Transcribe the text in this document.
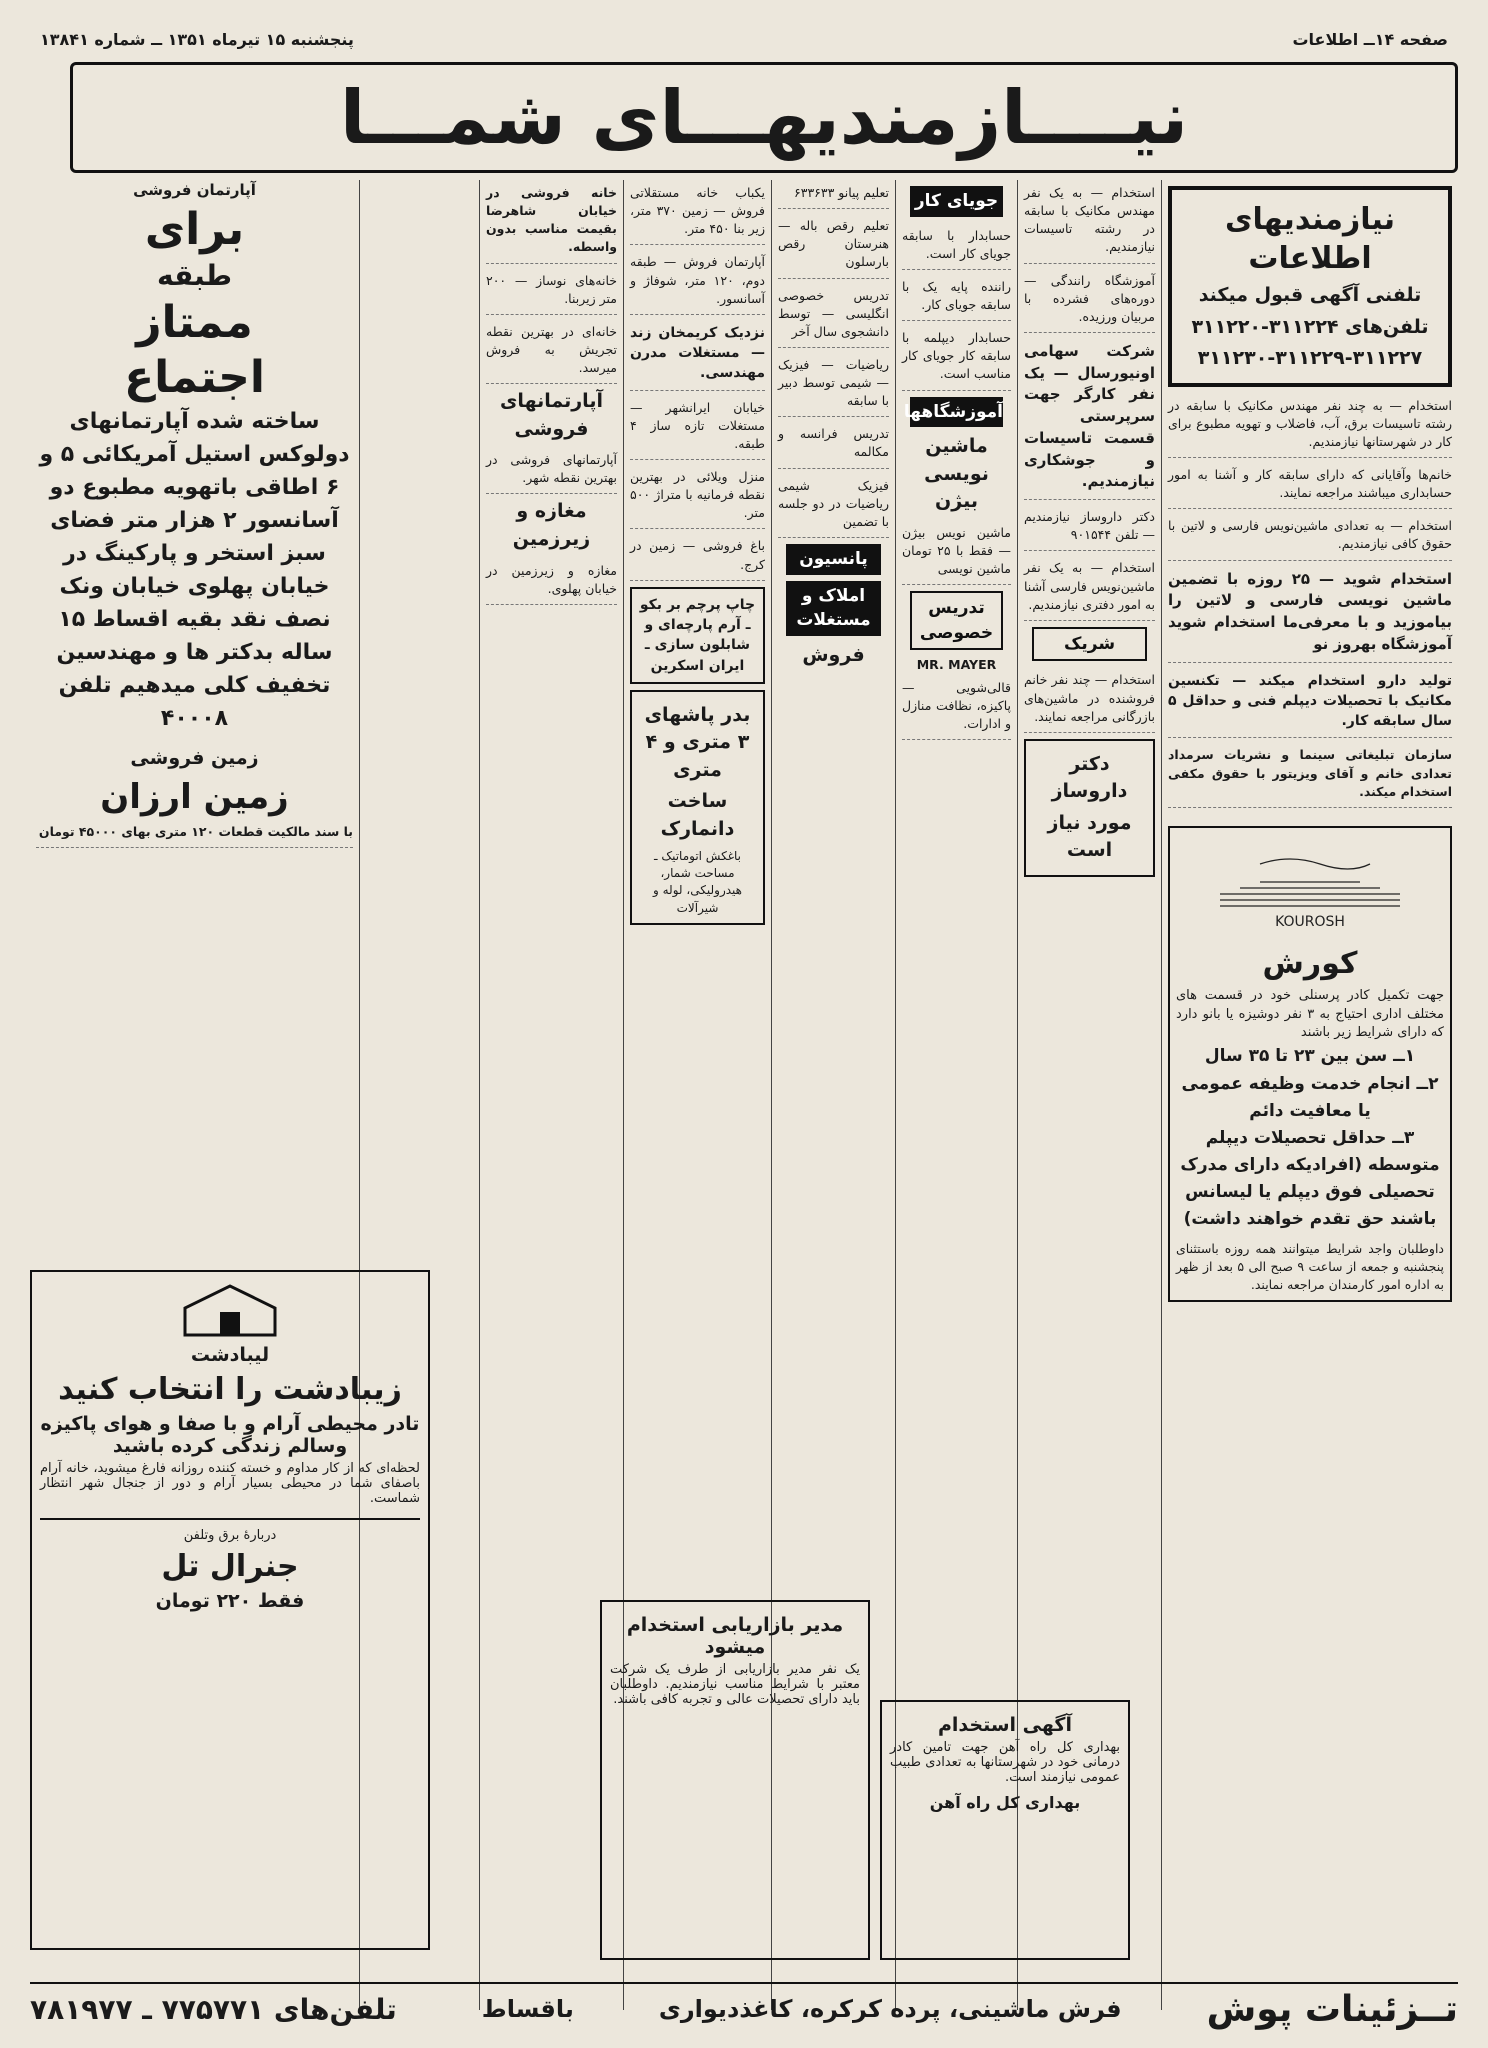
صفحه ۱۴ــ اطلاعات
پنجشنبه ۱۵ تیرماه ۱۳۵۱ ــ شماره ۱۳۸۴۱
نیــــازمندیهـــای شمـــا
نیازمندیهای اطلاعات
تلفنی آگهی قبول میکند
تلفن‌های ۳۱۱۲۲۴-۳۱۱۲۲۰
۳۱۱۲۳۰-۳۱۱۲۲۹-۳۱۱۲۲۷
استخدام — به چند نفر مهندس مکانیک با سابقه در رشته تاسیسات برق، آب، فاضلاب و تهویه مطبوع برای کار در شهرستانها نیازمندیم.
خانم‌ها وآقایانی که دارای سابقه کار و آشنا به امور حسابداری میباشند مراجعه نمایند.
استخدام — به تعدادی ماشین‌نویس فارسی و لاتین با حقوق کافی نیازمندیم.
استخدام شوید — ۲۵ روزه با تضمین ماشین نویسی فارسی و لاتین را بیاموزید و با معرفی‌ما استخدام شوید آموزشگاه بهروز نو
تولید دارو استخدام میکند — تکنسین مکانیک با تحصیلات دیپلم فنی و حداقل ۵ سال سابقه کار.
سازمان تبلیغاتی سینما و نشریات سرمداد تعدادی خانم و آقای ویزیتور با حقوق مکفی استخدام میکند.
KOUROSH
کورش
جهت تکمیل کادر پرسنلی خود در قسمت های مختلف اداری احتیاج به ۳ نفر دوشیزه یا بانو دارد که دارای شرایط زیر باشند
۱ــ سن بین ۲۳ تا ۳۵ سال
۲ــ انجام خدمت وظیفه عمومی یا معافیت دائم
۳ــ حداقل تحصیلات دیپلم متوسطه (افرادیکه دارای مدرک تحصیلی فوق دیپلم یا لیسانس باشند حق تقدم خواهند داشت)
داوطلبان واجد شرایط میتوانند همه روزه باستثنای پنجشنبه و جمعه از ساعت ۹ صبح الی ۵ بعد از ظهر به اداره امور کارمندان مراجعه نمایند.
استخدام — به یک نفر مهندس مکانیک با سابقه در رشته تاسیسات نیازمندیم.
آموزشگاه رانندگی — دوره‌های فشرده با مربیان ورزیده.
شرکت سهامی اونیورسال — یک نفر کارگر جهت سرپرستی قسمت تاسیسات و جوشکاری نیازمندیم.
دکتر داروساز نیازمندیم — تلفن ۹۰۱۵۴۴
استخدام — به یک نفر ماشین‌نویس فارسی آشنا به امور دفتری نیازمندیم.
شریک
استخدام — چند نفر خانم فروشنده در ماشین‌های بازرگانی مراجعه نمایند.
دکتر داروساز
مورد نیاز است
جویای کار
حسابدار با سابقه جویای کار است.
راننده پایه یک با سابقه جویای کار.
حسابدار دیپلمه با سابقه کار جویای کار مناسب است.
آموزشگاهها
ماشین نویسی بیژن
ماشین نویس بیژن — فقط با ۲۵ تومان ماشین نویسی
تدریس خصوصی
MR. MAYER
قالی‌شویی — پاکیزه، نظافت منازل و ادارات.
تعلیم پیانو ۶۳۳۶۳۳
تعلیم رقص باله — هنرستان رقص بارسلون
تدریس خصوصی انگلیسی — توسط دانشجوی سال آخر
ریاضیات — فیزیک — شیمی توسط دبیر با سابقه
تدریس فرانسه و مکالمه
فیزیک شیمی ریاضیات در دو جلسه با تضمین
پانسیون
املاک و مستغلات
فروش
یکباب خانه مستقلاتی فروش — زمین ۳۷۰ متر، زیر بنا ۴۵۰ متر.
آپارتمان فروش — طبقه دوم، ۱۲۰ متر، شوفاژ و آسانسور.
نزدیک کریمخان زند — مستغلات مدرن مهندسی.
خیابان ایرانشهر — مستغلات تازه ساز ۴ طبقه.
منزل ویلائی در بهترین نقطه فرمانیه با متراژ ۵۰۰ متر.
باغ فروشی — زمین در کرج.
چاپ پرچم بر بکو ـ آرم پارچه‌ای و شابلون سازی ـ ایران اسکرین
بدر پاشهای ۳ متری و ۴ متری
ساخت دانمارک
باغکش اتوماتیک ـ مساحت شمار، هیدرولیکی، لوله و شیرآلات
خانه فروشی در خیابان شاهرضا بقیمت مناسب بدون واسطه.
خانه‌های نوساز — ۲۰۰ متر زیربنا.
خانه‌ای در بهترین نقطه تجریش به فروش میرسد.
آپارتمانهای فروشی
آپارتمانهای فروشی در بهترین نقطه شهر.
مغازه و زیرزمین
مغازه و زیرزمین در خیابان پهلوی.
آپارتمان فروشی
برای
طبقه
ممتاز
اجتماع
ساخته شده آپارتمانهای دولوکس استیل آمریکائی ۵ و ۶ اطاقی باتهویه مطبوع دو آسانسور ۲ هزار متر فضای سبز استخر و پارکینگ در خیابان پهلوی خیابان ونک نصف نقد بقیه اقساط ۱۵ ساله بدکتر ها و مهندسین تخفیف کلی میدهیم تلفن ۴۰۰۰۸
زمین فروشی
زمین ارزان
با سند مالکیت قطعات ۱۲۰ متری بهای ۴۵۰۰۰ تومان
لیبادشت
زیبادشت را انتخاب کنید
تادر محیطی آرام و با صفا و هوای پاکیزه وسالم زندگی کرده باشید
لحظه‌ای که از کار مداوم و خسته کننده روزانه فارغ میشوید، خانه آرام باصفای شما در محیطی بسیار آرام و دور از جنجال شهر انتظار شماست.
دربارهٔ برق وتلفن
جنرال تل
فقط ۲۲۰ تومان
مدیر بازاریابی استخدام میشود
یک نفر مدیر بازاریابی از طرف یک شرکت معتبر با شرایط مناسب نیازمندیم. داوطلبان باید دارای تحصیلات عالی و تجربه کافی باشند.
آگهی استخدام
بهداری کل راه آهن جهت تامین کادر درمانی خود در شهرستانها به تعدادی طبیب عمومی نیازمند است.
بهداری کل راه آهن
تــزئینات پوش
فرش ماشینی، پرده کرکره، کاغذدیواری
باقساط
تلفن‌های ۷۷۵۷۷۱ ـ ۷۸۱۹۷۷
